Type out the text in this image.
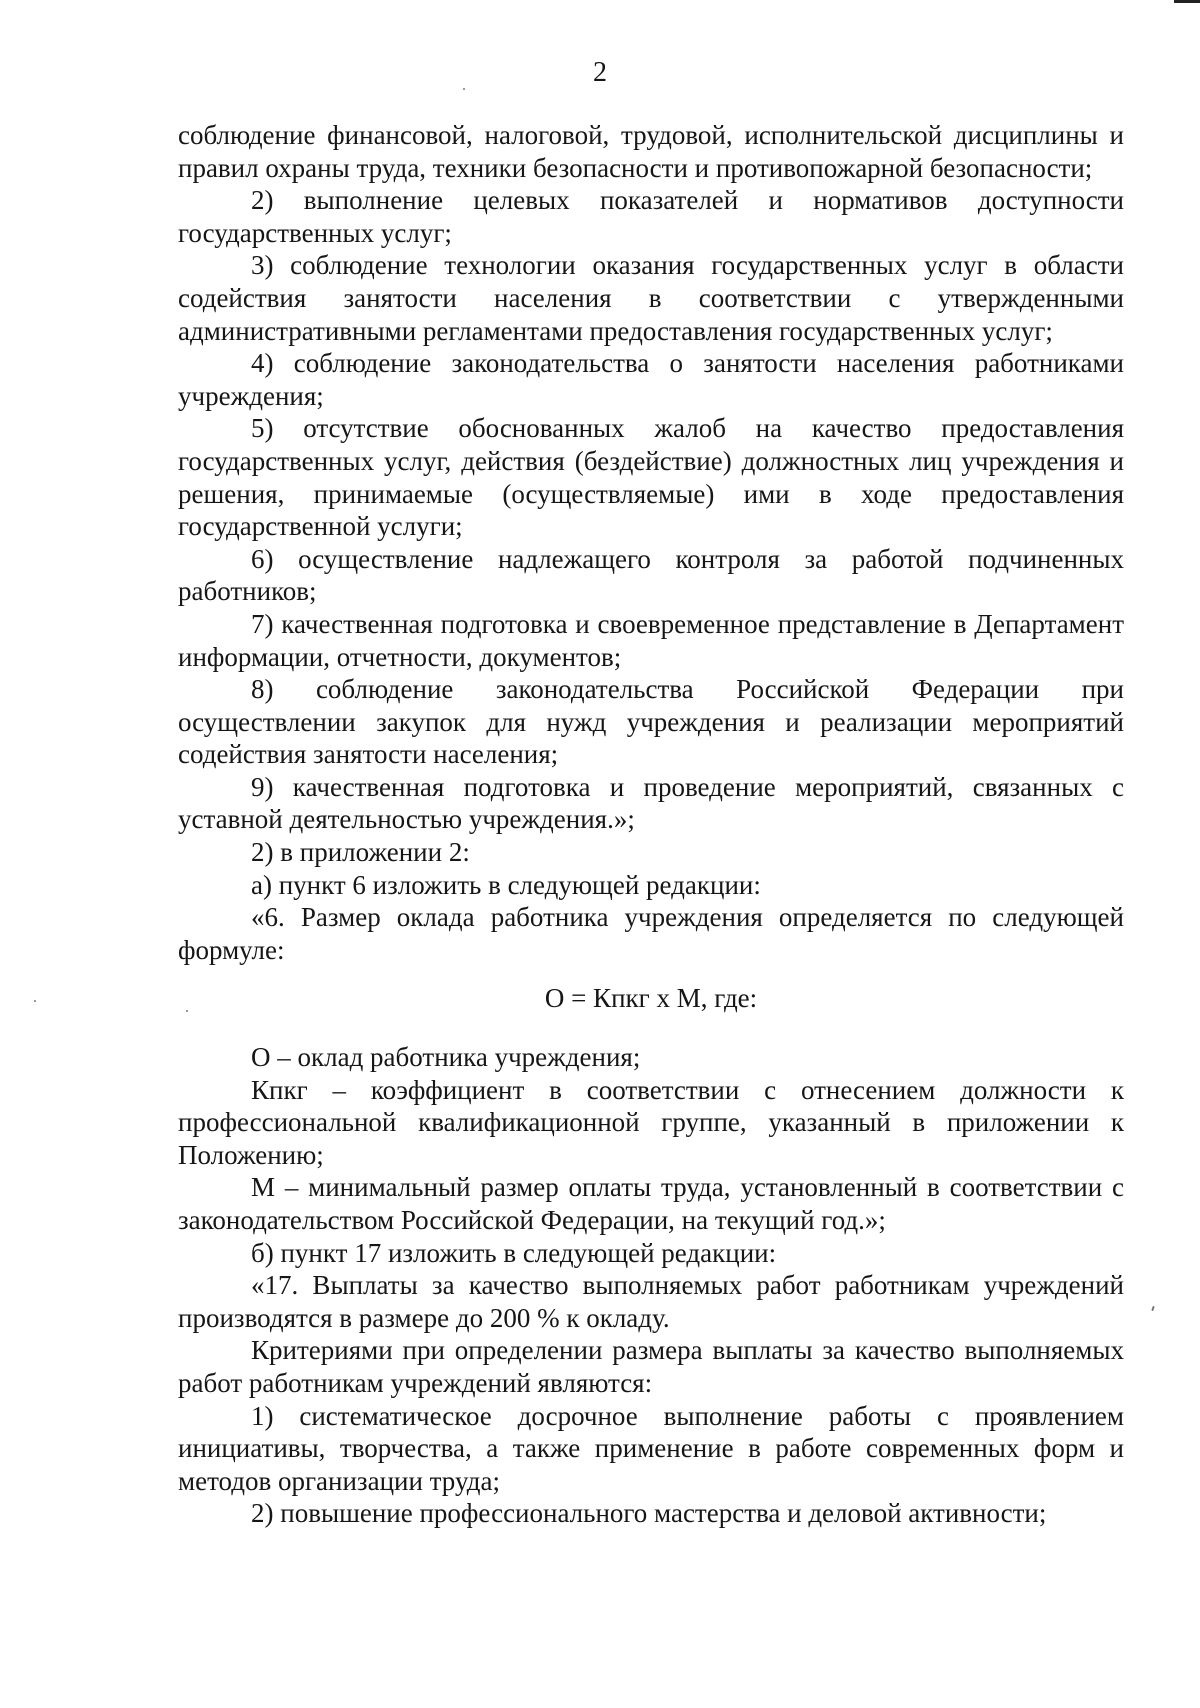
2

соблюдение финансовой, налоговой, трудовой, исполнительской дисциплины и правил охраны труда, техники безопасности и противопожарной безопасности;

2) выполнение целевых показателей и нормативов доступности государственных услуг;

3) соблюдение технологии оказания государственных услуг в области содействия занятости населения в соответствии с утвержденными административными регламентами предоставления государственных услуг;

4) соблюдение законодательства о занятости населения работниками учреждения;

5) отсутствие обоснованных жалоб на качество предоставления государственных услуг, действия (бездействие) должностных лиц учреждения и решения, принимаемые (осуществляемые) ими в ходе предоставления государственной услуги;

6) осуществление надлежащего контроля за работой подчиненных работников;

7) качественная подготовка и своевременное представление в Департамент информации, отчетности, документов;

8) соблюдение законодательства Российской Федерации при осуществлении закупок для нужд учреждения и реализации мероприятий содействия занятости населения;

9) качественная подготовка и проведение мероприятий, связанных с уставной деятельностью учреждения.»;

2) в приложении 2:

а) пункт 6 изложить в следующей редакции:

«6. Размер оклада работника учреждения определяется по следующей формуле:

О = Кпкг х М, где:

О – оклад работника учреждения;

Кпкг – коэффициент в соответствии с отнесением должности к профессиональной квалификационной группе, указанный в приложении к Положению;

М – минимальный размер оплаты труда, установленный в соответствии с законодательством Российской Федерации, на текущий год.»;

б) пункт 17 изложить в следующей редакции:

«17. Выплаты за качество выполняемых работ работникам учреждений производятся в размере до 200 % к окладу.

Критериями при определении размера выплаты за качество выполняемых работ работникам учреждений являются:

1) систематическое досрочное выполнение работы с проявлением инициативы, творчества, а также применение в работе современных форм и методов организации труда;

2) повышение профессионального мастерства и деловой активности;
